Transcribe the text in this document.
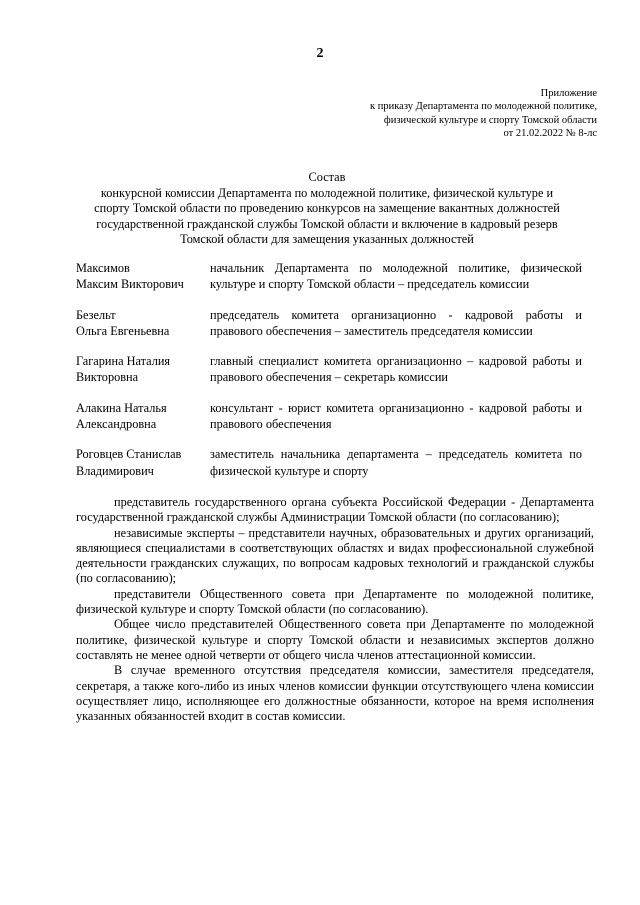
2
Приложение
к приказу Департамента по молодежной политике,
физической культуре и спорту Томской области
от 21.02.2022 № 8-лс
Состав
конкурсной комиссии Департамента по молодежной политике, физической культуре и
спорту Томской области по проведению конкурсов на замещение вакантных должностей
государственной гражданской службы Томской области и включение в кадровый резерв
Томской области для замещения указанных должностей
Максимов
Максим Викторович
начальник Департамента по молодежной политике, физической культуре и спорту Томской области – председатель комиссии
Безельт
Ольга Евгеньевна
председатель комитета организационно - кадровой работы и правового обеспечения – заместитель председателя комиссии
Гагарина Наталия
Викторовна
главный специалист комитета организационно – кадровой работы и правового обеспечения – секретарь комиссии
Алакина Наталья
Александровна
консультант - юрист комитета организационно - кадровой работы и правового обеспечения
Роговцев Станислав
Владимирович
заместитель начальника департамента – председатель комитета по физической культуре и спорту

представитель государственного органа субъекта Российской Федерации - Департамента государственной гражданской службы Администрации Томской области (по согласованию);

независимые эксперты – представители научных, образовательных и других организаций, являющиеся специалистами в соответствующих областях и видах профессиональной служебной деятельности гражданских служащих, по вопросам кадровых технологий и гражданской службы (по согласованию);

представители Общественного совета при Департаменте по молодежной политике, физической культуре и спорту Томской области (по согласованию).

Общее число представителей Общественного совета при Департаменте по молодежной политике, физической культуре и спорту Томской области и независимых экспертов должно составлять не менее одной четверти от общего числа членов аттестационной комиссии.

В случае временного отсутствия председателя комиссии, заместителя председателя, секретаря, а также кого-либо из иных членов комиссии функции отсутствующего члена комиссии осуществляет лицо, исполняющее его должностные обязанности, которое на время исполнения указанных обязанностей входит в состав комиссии.
